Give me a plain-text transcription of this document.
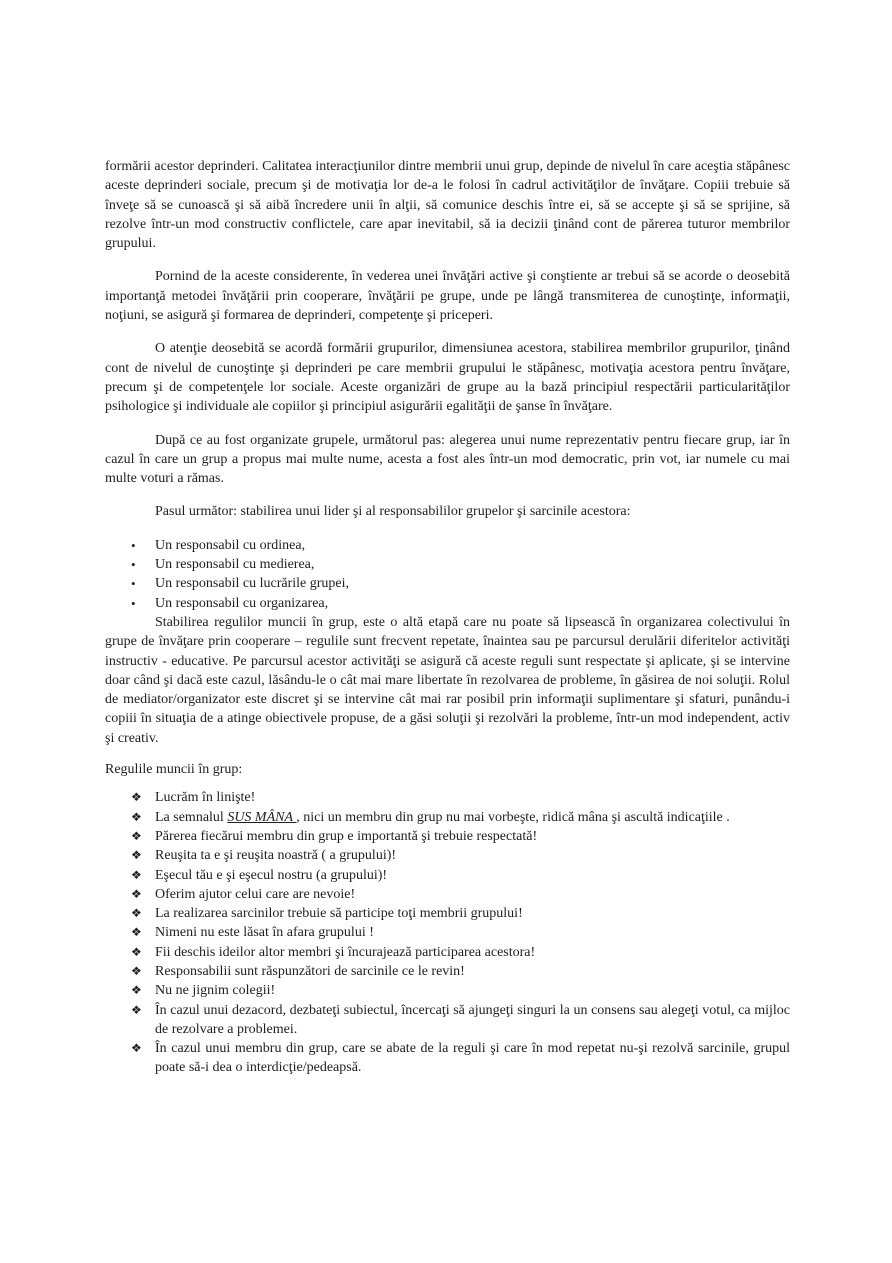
formării acestor deprinderi. Calitatea interacţiunilor dintre membrii unui grup, depinde de nivelul în care aceştia stăpânesc aceste deprinderi sociale, precum şi de motivaţia lor de-a le folosi în cadrul activităţilor de învăţare. Copiii trebuie să înveţe să se cunoască şi să aibă încredere unii în alţii, să comunice deschis între ei, să se accepte şi să se sprijine, să rezolve într-un mod constructiv conflictele, care apar inevitabil, să ia decizii ţinând cont de părerea tuturor membrilor grupului.

Pornind de la aceste considerente, în vederea unei învăţări active şi conştiente ar trebui să se acorde o deosebită importanţă metodei învăţării prin cooperare, învăţării pe grupe, unde pe lângă transmiterea de cunoştinţe, informaţii, noţiuni, se asigură şi formarea de deprinderi, competenţe şi priceperi.

O atenţie deosebită se acordă formării grupurilor, dimensiunea acestora, stabilirea membrilor grupurilor, ţinând cont de nivelul de cunoştinţe şi deprinderi pe care membrii grupului le stăpânesc, motivaţia acestora pentru învăţare, precum şi de competenţele lor sociale. Aceste organizări de grupe au la bază principiul respectării particularităţilor psihologice şi individuale ale copiilor şi principiul asigurării egalităţii de şanse în învăţare.

După ce au fost organizate grupele, următorul pas: alegerea unui nume reprezentativ pentru fiecare grup, iar în cazul în care un grup a propus mai multe nume, acesta a fost ales într-un mod democratic, prin vot, iar numele cu mai multe voturi a rămas.

Pasul următor: stabilirea unui lider şi al responsabililor grupelor şi sarcinile acestora:

• Un responsabil cu ordinea,
• Un responsabil cu medierea,
• Un responsabil cu lucrările grupei,
• Un responsabil cu organizarea,

Stabilirea regulilor muncii în grup, este o altă etapă care nu poate să lipsească în organizarea colectivului în grupe de învăţare prin cooperare – regulile sunt frecvent repetate, înaintea sau pe parcursul derulării diferitelor activităţi instructiv - educative. Pe parcursul acestor activităţi se asigură că aceste reguli sunt respectate şi aplicate, şi se intervine doar când şi dacă este cazul, lăsându-le o cât mai mare libertate în rezolvarea de probleme, în găsirea de noi soluţii. Rolul de mediator/organizator este discret şi se intervine cât mai rar posibil prin informaţii suplimentare şi sfaturi, punându-i copiii în situaţia de a atinge obiectivele propuse, de a găsi soluţii şi rezolvări la probleme, într-un mod independent, activ şi creativ.

Regulile muncii în grup:

❖ Lucrăm în linişte!
❖ La semnalul SUS MÂNA , nici un membru din grup nu mai vorbeşte, ridică mâna şi ascultă indicaţiile .
❖ Părerea fiecărui membru din grup e importantă şi trebuie respectată!
❖ Reuşita ta e şi reuşita noastră ( a grupului)!
❖ Eşecul tău e şi eşecul nostru (a grupului)!
❖ Oferim ajutor celui care are nevoie!
❖ La realizarea sarcinilor trebuie să participe toţi membrii grupului!
❖ Nimeni nu este lăsat în afara grupului !
❖ Fii deschis ideilor altor membri şi încurajează participarea acestora!
❖ Responsabilii sunt răspunzători de sarcinile ce le revin!
❖ Nu ne jignim colegii!
❖ În cazul unui dezacord, dezbateţi subiectul, încercaţi să ajungeţi singuri la un consens sau alegeţi votul, ca mijloc de rezolvare a problemei.
❖ În cazul unui membru din grup, care se abate de la reguli şi care în mod repetat nu-şi rezolvă sarcinile, grupul poate să-i dea o interdicţie/pedeapsă.
